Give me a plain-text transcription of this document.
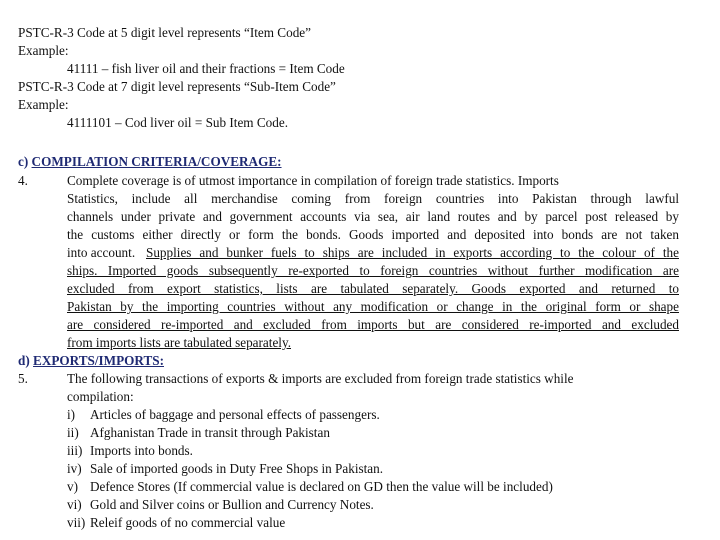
PSTC-R-3 Code at 5 digit level represents “Item Code”
Example:
41111 – fish liver oil and their fractions = Item Code
PSTC-R-3 Code at 7 digit level represents “Sub-Item Code”
Example:
4111101 – Cod liver oil = Sub Item Code.
c) COMPILATION CRITERIA/COVERAGE:
4.	Complete coverage is of utmost importance in compilation of foreign trade statistics. Imports
Statistics, include all merchandise coming from foreign countries into Pakistan through lawful
channels under private and government accounts via sea, air land routes and by parcel post released by
the customs either directly or form the bonds. Goods imported and deposited into bonds are not taken
into account. Supplies and bunker fuels to ships are included in exports according to the colour of the
ships. Imported goods subsequently re-exported to foreign countries without further modification are
excluded from export statistics, lists are tabulated separately. Goods exported and returned to
Pakistan by the importing countries without any modification or change in the original form or shape
are considered re-imported and excluded from imports but are considered re-imported and excluded
from imports lists are tabulated separately.
d) EXPORTS/IMPORTS:
5.	The following transactions of exports & imports are excluded from foreign trade statistics while
compilation:
i) Articles of baggage and personal effects of passengers.
ii) Afghanistan Trade in transit through Pakistan
iii) Imports into bonds.
iv) Sale of imported goods in Duty Free Shops in Pakistan.
v) Defence Stores (If commercial value is declared on GD then the value will be included)
vi) Gold and Silver coins or Bullion and Currency Notes.
vii) Releif goods of no commercial value
